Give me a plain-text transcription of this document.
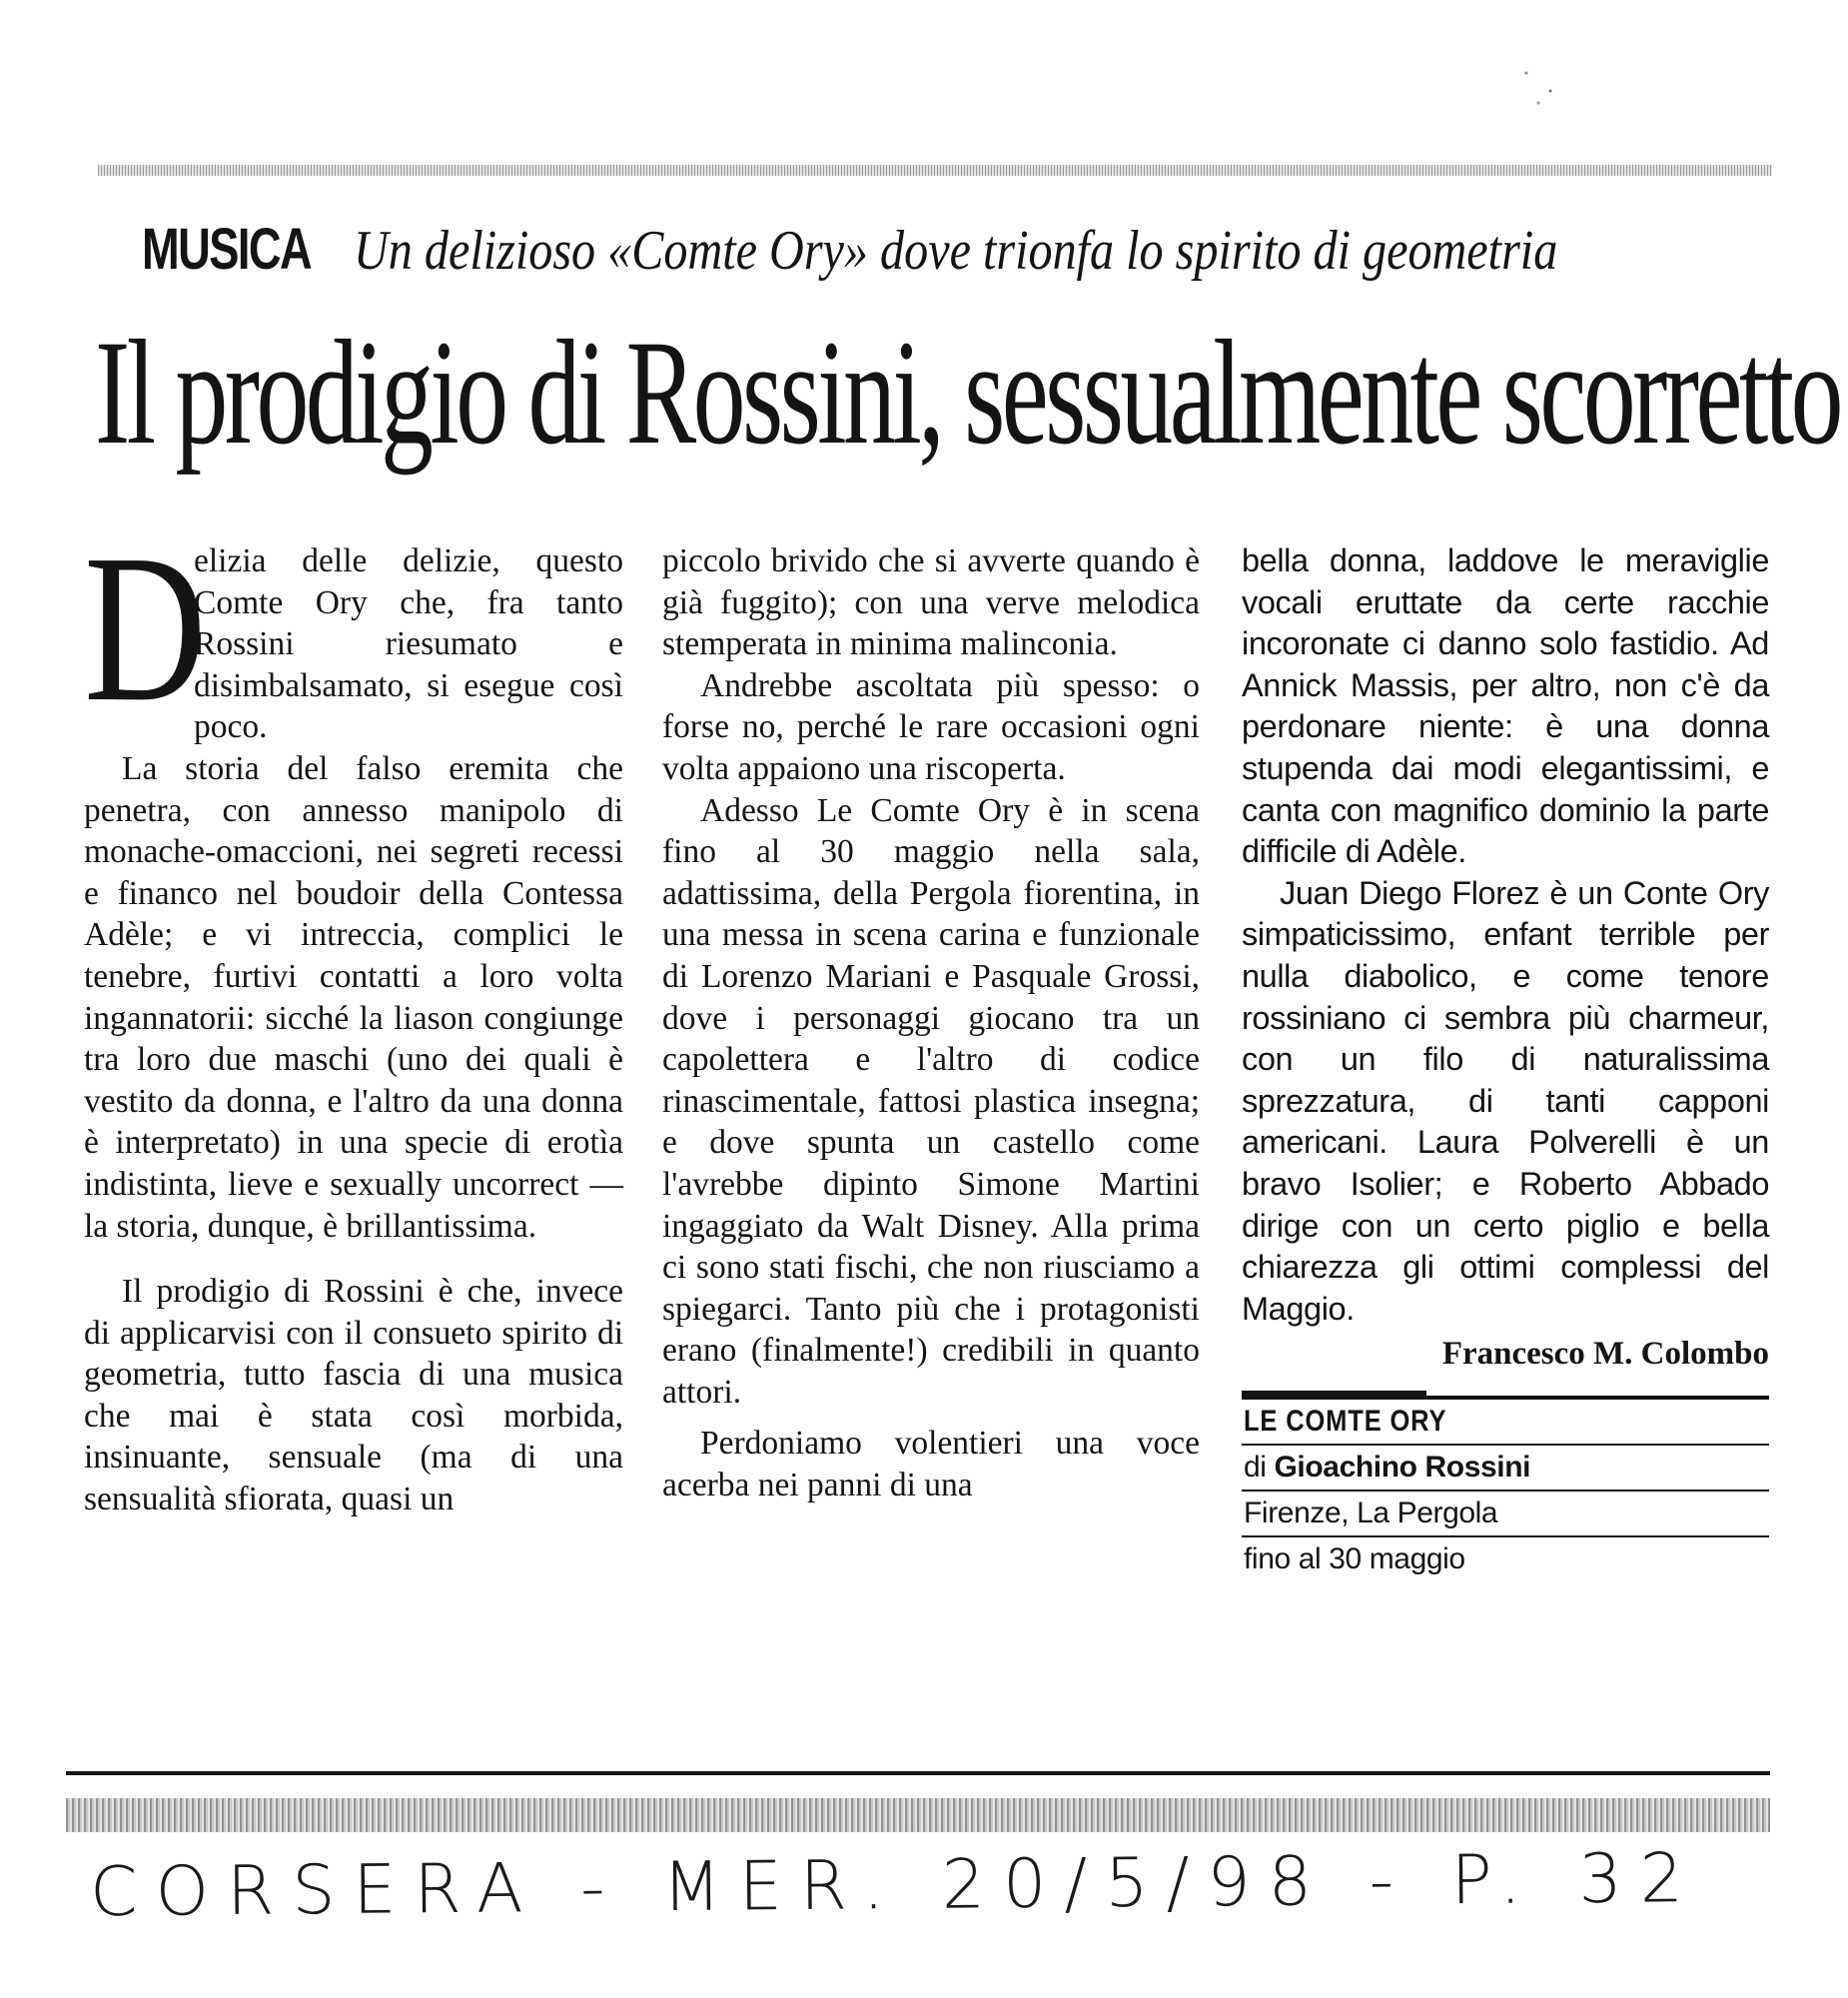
MUSICA Un delizioso «Comte Ory» dove trionfa lo spirito di geometria
Il prodigio di Rossini, sessualmente scorretto
D

elizia delle delizie, questo Comte Ory che, fra tanto Rossini riesumato e disimbalsamato, si esegue così poco.

La storia del falso eremita che penetra, con annesso manipolo di monache-omaccioni, nei segreti recessi e financo nel boudoir della Contessa Adèle; e vi intreccia, complici le tenebre, furtivi contatti a loro volta ingannatorii: sicché la liason congiunge tra loro due maschi (uno dei quali è vestito da donna, e l'altro da una donna è interpretato) in una specie di erotìa indistinta, lieve e sexually uncorrect — la storia, dunque, è brillantissima.

Il prodigio di Rossini è che, invece di applicarvisi con il consueto spirito di geometria, tutto fascia di una musica che mai è stata così morbida, insinuante, sensuale (ma di una sensualità sfiorata, quasi un

piccolo brivido che si avverte quando è già fuggito); con una verve melodica stemperata in minima malinconia.

Andrebbe ascoltata più spesso: o forse no, perché le rare occasioni ogni volta appaiono una riscoperta.

Adesso Le Comte Ory è in scena fino al 30 maggio nella sala, adattissima, della Pergola fiorentina, in una messa in scena carina e funzionale di Lorenzo Mariani e Pasquale Grossi, dove i personaggi giocano tra un capolettera e l'altro di codice rinascimentale, fattosi plastica insegna; e dove spunta un castello come l'avrebbe dipinto Simone Martini ingaggiato da Walt Disney. Alla prima ci sono stati fischi, che non riusciamo a spiegarci. Tanto più che i protagonisti erano (finalmente!) credibili in quanto attori.

Perdoniamo volentieri una voce acerba nei panni di una

bella donna, laddove le meraviglie vocali eruttate da certe racchie incoronate ci danno solo fastidio. Ad Annick Massis, per altro, non c'è da perdonare niente: è una donna stupenda dai modi elegantissimi, e canta con magnifico dominio la parte difficile di Adèle.

Juan Diego Florez è un Conte Ory simpaticissimo, enfant terrible per nulla diabolico, e come tenore rossiniano ci sembra più charmeur, con un filo di naturalissima sprezzatura, di tanti capponi americani. Laura Polverelli è un bravo Isolier; e Roberto Abbado dirige con un certo piglio e bella chiarezza gli ottimi complessi del Maggio.

Francesco M. Colombo
LE COMTE ORY
di Gioachino Rossini
Firenze, La Pergola
fino al 30 maggio
CORSERA - MER. 20/5/98 - P. 32
